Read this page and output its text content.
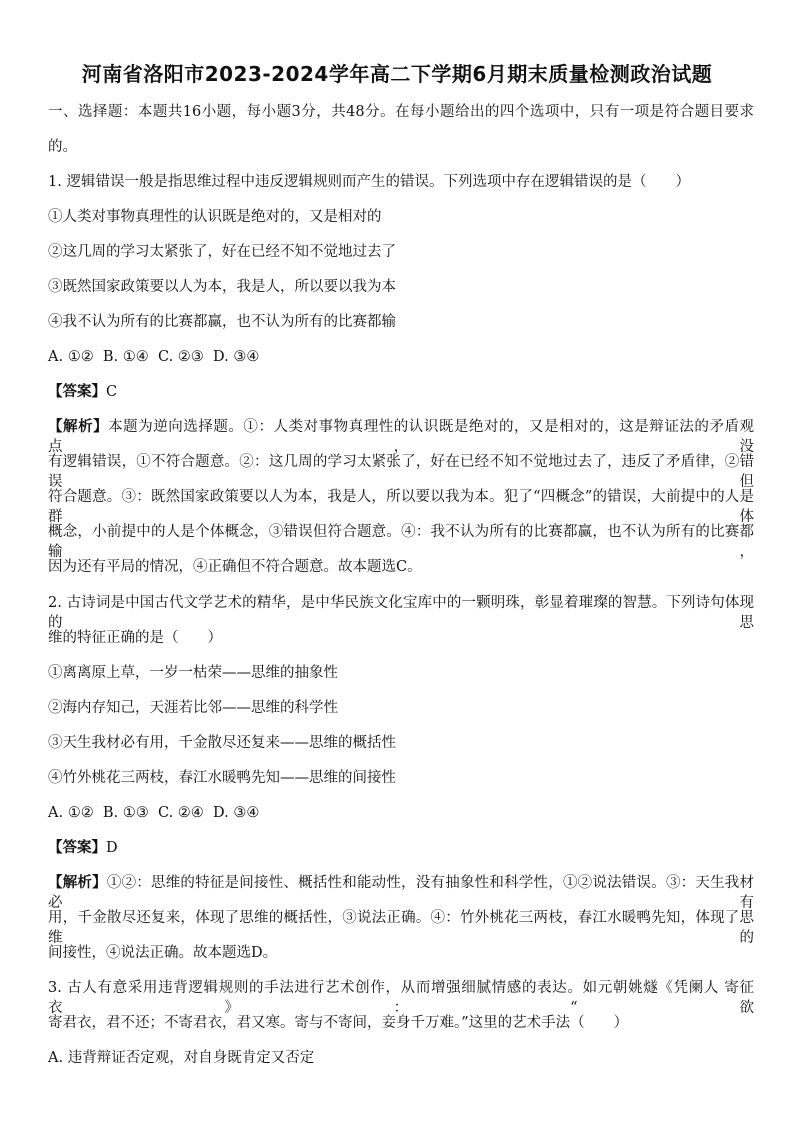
河南省洛阳市2023-2024学年高二下学期6月期末质量检测政治试题
一、选择题：本题共16小题，每小题3分，共48分。在每小题给出的四个选项中，只有一项是符合题目要求
的。
1. 逻辑错误一般是指思维过程中违反逻辑规则而产生的错误。下列选项中存在逻辑错误的是（　　）
①人类对事物真理性的认识既是绝对的，又是相对的
②这几周的学习太紧张了，好在已经不知不觉地过去了
③既然国家政策要以人为本，我是人，所以要以我为本
④我不认为所有的比赛都赢，也不认为所有的比赛都输
A. ①②  B. ①④  C. ②③  D. ③④
【答案】C
【解析】本题为逆向选择题。①：人类对事物真理性的认识既是绝对的，又是相对的，这是辩证法的矛盾观点，没
有逻辑错误，①不符合题意。②：这几周的学习太紧张了，好在已经不知不觉地过去了，违反了矛盾律，②错误但
符合题意。③：既然国家政策要以人为本，我是人，所以要以我为本。犯了“四概念”的错误，大前提中的人是群体
概念，小前提中的人是个体概念，③错误但符合题意。④：我不认为所有的比赛都赢，也不认为所有的比赛都输，
因为还有平局的情况，④正确但不符合题意。故本题选C。
2. 古诗词是中国古代文学艺术的精华，是中华民族文化宝库中的一颗明珠，彰显着璀璨的智慧。下列诗句体现的思
维的特征正确的是（　　）
①离离原上草，一岁一枯荣——思维的抽象性
②海内存知己，天涯若比邻——思维的科学性
③天生我材必有用，千金散尽还复来——思维的概括性
④竹外桃花三两枝，春江水暖鸭先知——思维的间接性
A. ①②  B. ①③  C. ②④  D. ③④
【答案】D
【解析】①②：思维的特征是间接性、概括性和能动性，没有抽象性和科学性，①②说法错误。③：天生我材必有
用，千金散尽还复来，体现了思维的概括性，③说法正确。④：竹外桃花三两枝，春江水暖鸭先知，体现了思维的
间接性，④说法正确。故本题选D。
3. 古人有意采用违背逻辑规则的手法进行艺术创作，从而增强细腻情感的表达。如元朝姚燧《凭阑人 寄征衣》：“欲
寄君衣，君不还；不寄君衣，君又寒。寄与不寄间，妾身千万难。”这里的艺术手法（　　）
A. 违背辩证否定观，对自身既肯定又否定
